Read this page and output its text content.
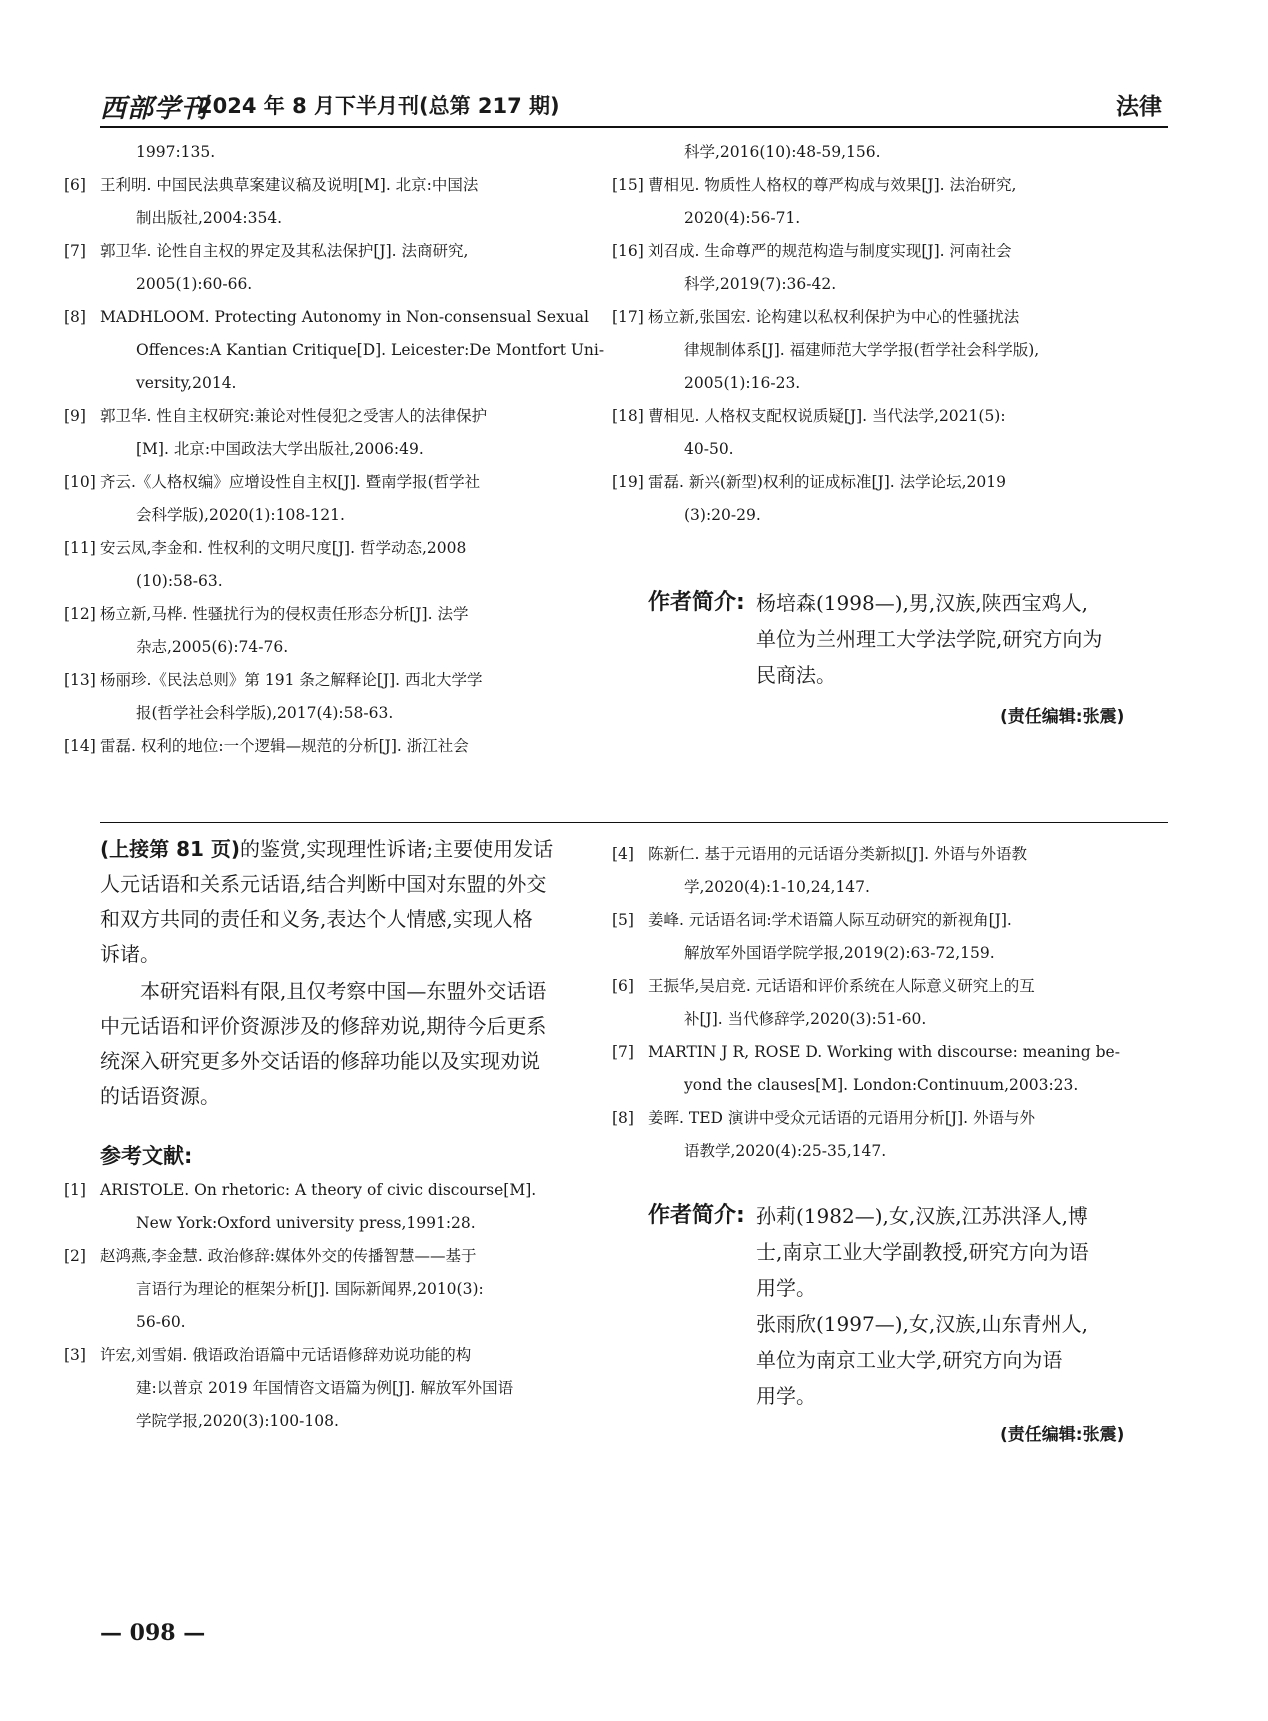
西部学刊
2024 年 8 月下半月刊(总第 217 期)	法律
1997:135.
[6] 王利明. 中国民法典草案建议稿及说明[M]. 北京:中国法
制出版社,2004:354.
[7] 郭卫华. 论性自主权的界定及其私法保护[J]. 法商研究,
2005(1):60-66.
[8] MADHLOOM. Protecting Autonomy in Non-consensual Sexual
Offences:A Kantian Critique[D]. Leicester:De Montfort Uni-
versity,2014.
[9] 郭卫华. 性自主权研究:兼论对性侵犯之受害人的法律保护
[M]. 北京:中国政法大学出版社,2006:49.
[10] 齐云.《人格权编》应增设性自主权[J]. 暨南学报(哲学社
会科学版),2020(1):108-121.
[11] 安云凤,李金和. 性权利的文明尺度[J]. 哲学动态,2008
(10):58-63.
[12] 杨立新,马桦. 性骚扰行为的侵权责任形态分析[J]. 法学
杂志,2005(6):74-76.
[13] 杨丽珍.《民法总则》第 191 条之解释论[J]. 西北大学学
报(哲学社会科学版),2017(4):58-63.
[14] 雷磊. 权利的地位:一个逻辑—规范的分析[J]. 浙江社会
科学,2016(10):48-59,156.
[15] 曹相见. 物质性人格权的尊严构成与效果[J]. 法治研究,
2020(4):56-71.
[16] 刘召成. 生命尊严的规范构造与制度实现[J]. 河南社会
科学,2019(7):36-42.
[17] 杨立新,张国宏. 论构建以私权利保护为中心的性骚扰法
律规制体系[J]. 福建师范大学学报(哲学社会科学版),
2005(1):16-23.
[18] 曹相见. 人格权支配权说质疑[J]. 当代法学,2021(5):
40-50.
[19] 雷磊. 新兴(新型)权利的证成标准[J]. 法学论坛,2019
(3):20-29.
作者简介: 杨培森(1998—),男,汉族,陕西宝鸡人,
单位为兰州理工大学法学院,研究方向为
民商法。
(责任编辑:张震)
(上接第 81 页)的鉴赏,实现理性诉诸;主要使用发话
人元话语和关系元话语,结合判断中国对东盟的外交
和双方共同的责任和义务,表达个人情感,实现人格
诉诸。
本研究语料有限,且仅考察中国—东盟外交话语
中元话语和评价资源涉及的修辞劝说,期待今后更系
统深入研究更多外交话语的修辞功能以及实现劝说
的话语资源。
参考文献:
[1] ARISTOLE. On rhetoric: A theory of civic discourse[M].
New York:Oxford university press,1991:28.
[2] 赵鸿燕,李金慧. 政治修辞:媒体外交的传播智慧——基于
言语行为理论的框架分析[J]. 国际新闻界,2010(3):
56-60.
[3] 许宏,刘雪娟. 俄语政治语篇中元话语修辞劝说功能的构
建:以普京 2019 年国情咨文语篇为例[J]. 解放军外国语
学院学报,2020(3):100-108.
[4] 陈新仁. 基于元语用的元话语分类新拟[J]. 外语与外语教
学,2020(4):1-10,24,147.
[5] 姜峰. 元话语名词:学术语篇人际互动研究的新视角[J].
解放军外国语学院学报,2019(2):63-72,159.
[6] 王振华,吴启竞. 元话语和评价系统在人际意义研究上的互
补[J]. 当代修辞学,2020(3):51-60.
[7] MARTIN J R, ROSE D. Working with discourse: meaning be-
yond the clauses[M]. London:Continuum,2003:23.
[8] 姜晖. TED 演讲中受众元话语的元语用分析[J]. 外语与外
语教学,2020(4):25-35,147.
作者简介: 孙莉(1982—),女,汉族,江苏洪泽人,博
士,南京工业大学副教授,研究方向为语
用学。
张雨欣(1997—),女,汉族,山东青州人,
单位为南京工业大学,研究方向为语
用学。
(责任编辑:张震)
— 098 —
